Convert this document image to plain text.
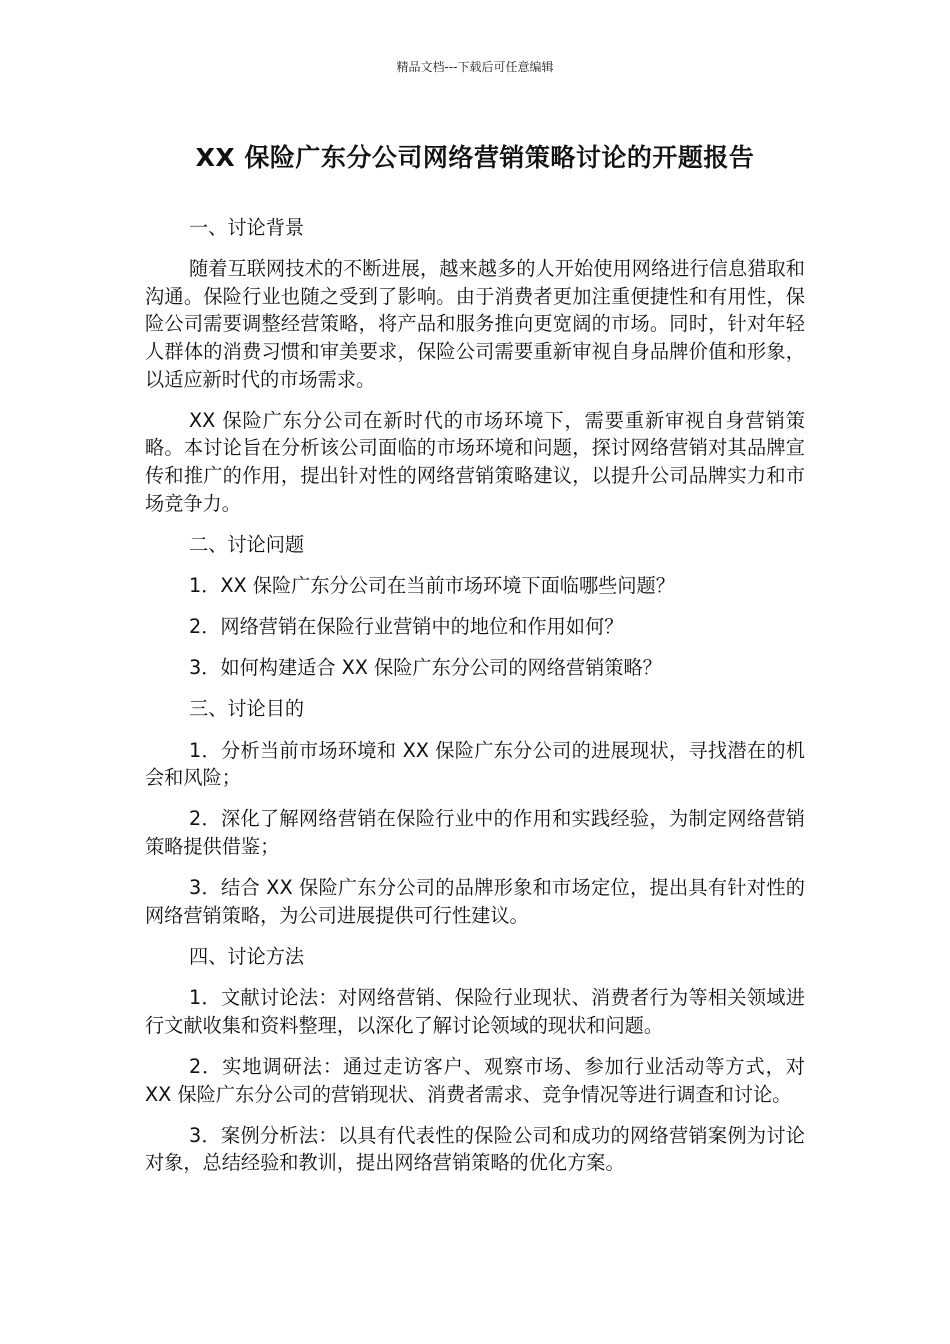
精品文档---下载后可任意编辑
XX 保险广东分公司网络营销策略讨论的开题报告

一、讨论背景

随着互联网技术的不断进展，越来越多的人开始使用网络进行信息猎取和沟通。保险行业也随之受到了影响。由于消费者更加注重便捷性和有用性，保险公司需要调整经营策略，将产品和服务推向更宽阔的市场。同时，针对年轻人群体的消费习惯和审美要求，保险公司需要重新审视自身品牌价值和形象，以适应新时代的市场需求。

XX 保险广东分公司在新时代的市场环境下，需要重新审视自身营销策略。本讨论旨在分析该公司面临的市场环境和问题，探讨网络营销对其品牌宣传和推广的作用，提出针对性的网络营销策略建议，以提升公司品牌实力和市场竞争力。

二、讨论问题

1．XX 保险广东分公司在当前市场环境下面临哪些问题？

2．网络营销在保险行业营销中的地位和作用如何？

3．如何构建适合 XX 保险广东分公司的网络营销策略？

三、讨论目的

1．分析当前市场环境和 XX 保险广东分公司的进展现状，寻找潜在的机会和风险；

2．深化了解网络营销在保险行业中的作用和实践经验，为制定网络营销策略提供借鉴；

3．结合 XX 保险广东分公司的品牌形象和市场定位，提出具有针对性的网络营销策略，为公司进展提供可行性建议。

四、讨论方法

1．文献讨论法：对网络营销、保险行业现状、消费者行为等相关领域进行文献收集和资料整理，以深化了解讨论领域的现状和问题。

2．实地调研法：通过走访客户、观察市场、参加行业活动等方式，对 XX 保险广东分公司的营销现状、消费者需求、竞争情况等进行调查和讨论。

3．案例分析法：以具有代表性的保险公司和成功的网络营销案例为讨论对象，总结经验和教训，提出网络营销策略的优化方案。
